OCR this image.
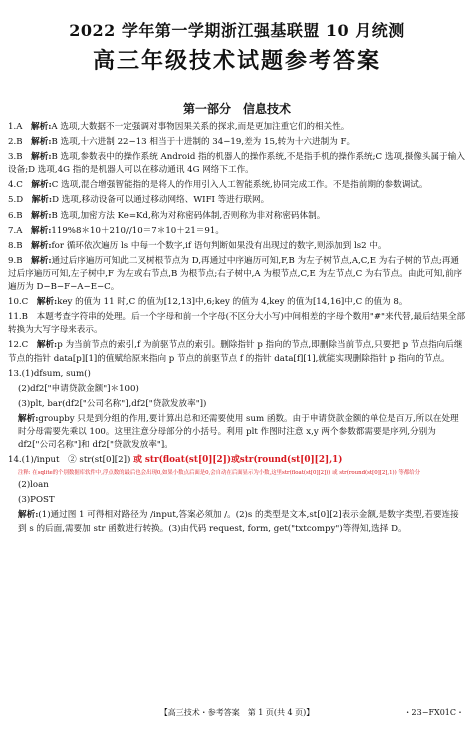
2022 学年第一学期浙江强基联盟 10 月统测
高三年级技术试题参考答案
第一部分　信息技术

1.A　 解析:A 选项,大数据不一定强调对事物因果关系的探求,而是更加注重它们的相关性。

2.B　 解析:B 选项,十六进制 22−13 相当于十进制的 34−19,差为 15,转为十六进制为 F。

3.B　 解析:B 选项,参数表中的操作系统 Android 指的机器人的操作系统,不是指手机的操作系统;C 选项,摄像头属于输入设备;D 选项,4G 指的是机器人可以在移动通讯 4G 网络下工作。

4.C　 解析:C 选项,混合增强智能指的是将人的作用引入人工智能系统,协同完成工作。不是指前期的参数调试。

5.D　 解析:D 选项,移动设备可以通过移动网络、WIFI 等进行联网。

6.B　 解析:B 选项,加密方法 Ke=Kd,称为对称密码体制,否则称为非对称密码体制。

7.A　 解析:119%8＊10＋210//10＝7＊10＋21＝91。

8.B　 解析:for 循环依次遍历 ls 中每一个数字,if 语句判断如果没有出现过的数字,则添加到 ls2 中。

9.B　 解析:通过后序遍历可知此二叉树根节点为 D,再通过中序遍历可知,F,B 为左子树节点,A,C,E 为右子树的节点;再通过后序遍历可知,左子树中,F 为左或右节点,B 为根节点;右子树中,A 为根节点,C,E 为左节点,C 为右节点。由此可知,前序遍历为 D−B−F−A−E−C。

10.C　 解析:key 的值为 11 时,C 的值为[12,13]中,6;key 的值为 4,key 的值为[14,16]中,C 的值为 8。

11.B　 本题考查字符串的处理。后一个字母和前一个字母(不区分大小写)中间相差的字母个数用"#"来代替,最后结果全部转换为大写字母来表示。

12.C　 解析:p 为当前节点的索引,f 为前驱节点的索引。删除指针 p 指向的节点,即删除当前节点,只要把 p 节点指向后继节点的指针 data[p][1]的值赋给原来指向 p 节点的前驱节点 f 的指针 data[f][1],就能实现删除指针 p 指向的节点。

13.(1)dfsum, sum()

(2)df2["申请贷款金额"]＊100)

(3)plt, bar(df2["公司名称"],df2["贷款发放率"])

解析:groupby 只是到分组的作用,要计算出总和还需要使用 sum 函数。由于申请贷款金额的单位是百万,所以在处理时分母需要先乘以 100。这里注意分母部分的小括号。利用 plt 作图时注意 x,y 两个参数都需要是序列,分别为 df2["公司名称"]和 df2["贷款发放率"]。

14.(1)/input　② str(st[0][2]) 或 str(float(st[0][2])或str(round(st[0][2],1)

注释: 在sqlite的个别数据库软件中,浮点数的最后也会出现0,如果小数点后面是0,会自动在后面显示为小数,这里str(float(st[0][2])) 或 str(round(st[0][2],1)) 等都给分

(2)loan

(3)POST

解析:(1)通过图 1 可得相对路径为 /input,答案必须加 /。(2)s 的类型是文本,st[0][2]表示金额,是数字类型,若要连接到 s 的后面,需要加 str 函数进行转换。(3)由代码 request, form, get("txtcompy")等得知,选择 D。

【高三技术・参考答案　第 1 页(共 4 页)】	・23−FX01C・
